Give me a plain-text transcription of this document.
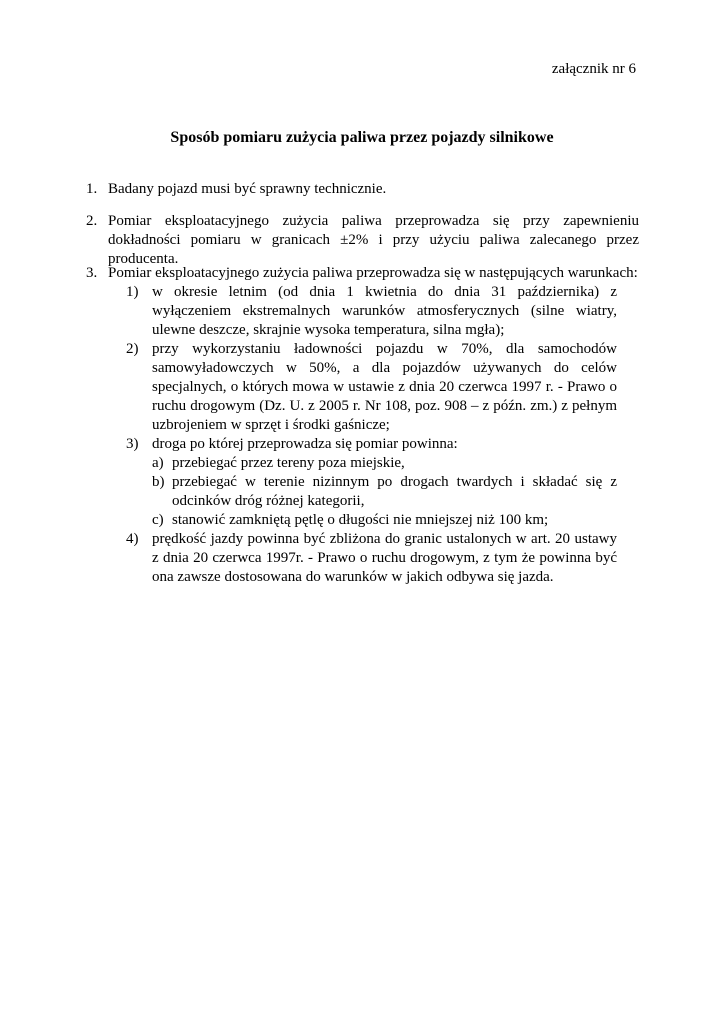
załącznik nr 6
Sposób pomiaru zużycia paliwa przez pojazdy silnikowe
1. Badany pojazd musi być sprawny technicznie.
2. Pomiar eksploatacyjnego zużycia paliwa przeprowadza się przy zapewnieniu dokładności pomiaru w granicach ±2% i przy użyciu paliwa zalecanego przez producenta.
3. Pomiar eksploatacyjnego zużycia paliwa przeprowadza się w następujących warunkach:
1) w okresie letnim (od dnia 1 kwietnia do dnia 31 października) z wyłączeniem ekstremalnych warunków atmosferycznych (silne wiatry, ulewne deszcze, skrajnie wysoka temperatura, silna mgła);
2) przy wykorzystaniu ładowności pojazdu w 70%, dla samochodów samowyładowczych w 50%, a dla pojazdów używanych do celów specjalnych, o których mowa w ustawie z dnia 20 czerwca 1997 r. - Prawo o ruchu drogowym (Dz. U. z 2005 r. Nr 108, poz. 908 – z późn. zm.) z pełnym uzbrojeniem w sprzęt i środki gaśnicze;
3) droga po której przeprowadza się pomiar powinna:
a) przebiegać przez tereny poza miejskie,
b) przebiegać w terenie nizinnym po drogach twardych i składać się z odcinków dróg różnej kategorii,
c) stanowić zamkniętą pętlę o długości nie mniejszej niż 100 km;
4) prędkość jazdy powinna być zbliżona do granic ustalonych w art. 20 ustawy z dnia 20 czerwca 1997r. - Prawo o ruchu drogowym, z tym że powinna być ona zawsze dostosowana do warunków w jakich odbywa się jazda.
